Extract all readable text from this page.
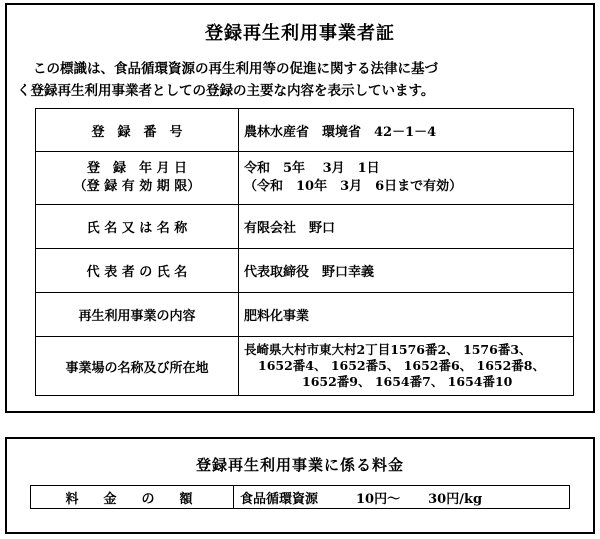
登録再生利用事業者証
この標識は、食品循環資源の再生利用等の促進に関する法律に基づ
く登録再生利用事業者としての登録の主要な内容を表示しています。
登　録　番　号	農林水産省　環境省　42－1－4

登　録　年 月 日
（登 録 有 効 期 限）	令和　5年　 3月　1日
（令和　10年　3月　6日まで有効）

氏 名 又 は 名 称	有限会社　野口
代 表 者 の 氏 名	代表取締役　野口幸義
再生利用事業の内容	肥料化事業
事業場の名称及び所在地	長崎県大村市東大村2丁目1576番2、 1576番3、
1652番4、 1652番5、 1652番6、 1652番8、
1652番9、 1654番7、 1654番10
登録再生利用事業に係る料金
料　金　の　額	食品循環資源	10円～ 30円/kg
